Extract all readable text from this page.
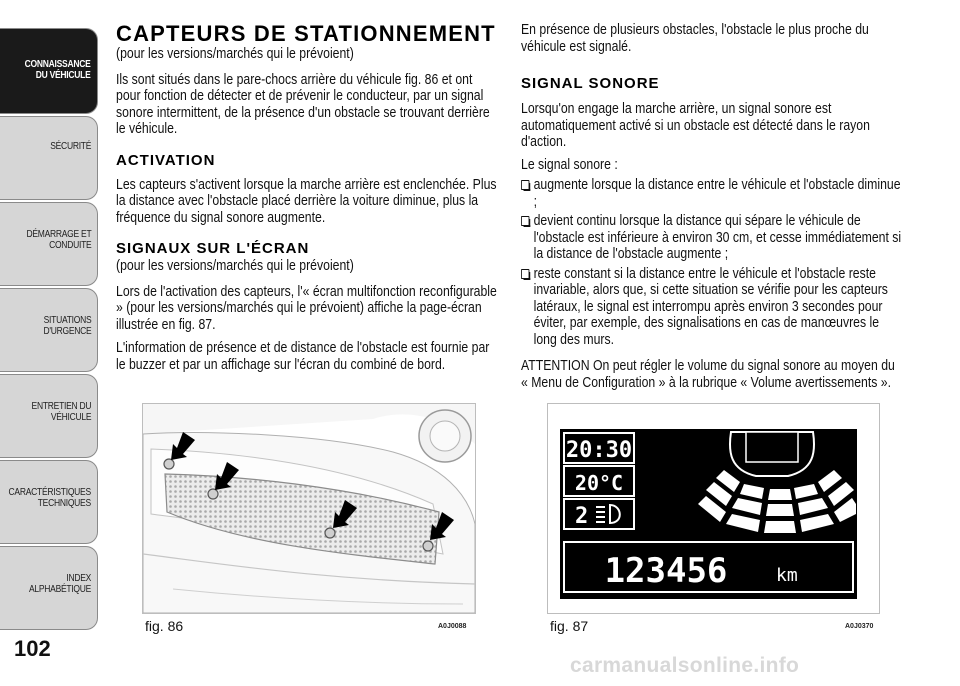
CONNAISSANCE
DU VÉHICULE
SÉCURITÉ
DÉMARRAGE ET
CONDUITE
SITUATIONS
D'URGENCE
ENTRETIEN DU
VÉHICULE
CARACTÉRISTIQUES
TECHNIQUES
INDEX
ALPHABÉTIQUE
102
CAPTEURS DE STATIONNEMENT

(pour les versions/marchés qui le prévoient)

Ils sont situés dans le pare-chocs arrière du véhicule fig. 86 et ont pour fonction de détecter et de prévenir le conducteur, par un signal sonore intermittent, de la présence d'un obstacle se trouvant derrière le véhicule.

ACTIVATION

Les capteurs s'activent lorsque la marche arrière est enclenchée. Plus la distance avec l'obstacle placé derrière la voiture diminue, plus la fréquence du signal sonore augmente.

SIGNAUX SUR L'ÉCRAN

(pour les versions/marchés qui le prévoient)

Lors de l'activation des capteurs, l'« écran multifonction reconfigurable » (pour les versions/marchés qui le prévoient) affiche la page-écran illustrée en fig. 87.

L'information de présence et de distance de l'obstacle est fournie par le buzzer et par un affichage sur l'écran du combiné de bord.

En présence de plusieurs obstacles, l'obstacle le plus proche du véhicule est signalé.

SIGNAL SONORE

Lorsqu'on engage la marche arrière, un signal sonore est automatiquement activé si un obstacle est détecté dans le rayon d'action.

Le signal sonore :

augmente lorsque la distance entre le véhicule et l'obstacle diminue ;
devient continu lorsque la distance qui sépare le véhicule de l'obstacle est inférieure à environ 30 cm, et cesse immédiatement si la distance de l'obstacle augmente ;
reste constant si la distance entre le véhicule et l'obstacle reste invariable, alors que, si cette situation se vérifie pour les capteurs latéraux, le signal est interrompu après environ 3 secondes pour éviter, par exemple, des signalisations en cas de manœuvres le long des murs.

ATTENTION On peut régler le volume du signal sonore au moyen du « Menu de Configuration » à la rubrique « Volume avertissements ».

fig. 86	A0J0088
20:30
20°C
2
123456	km
fig. 87	A0J0370
carmanualsonline.info
